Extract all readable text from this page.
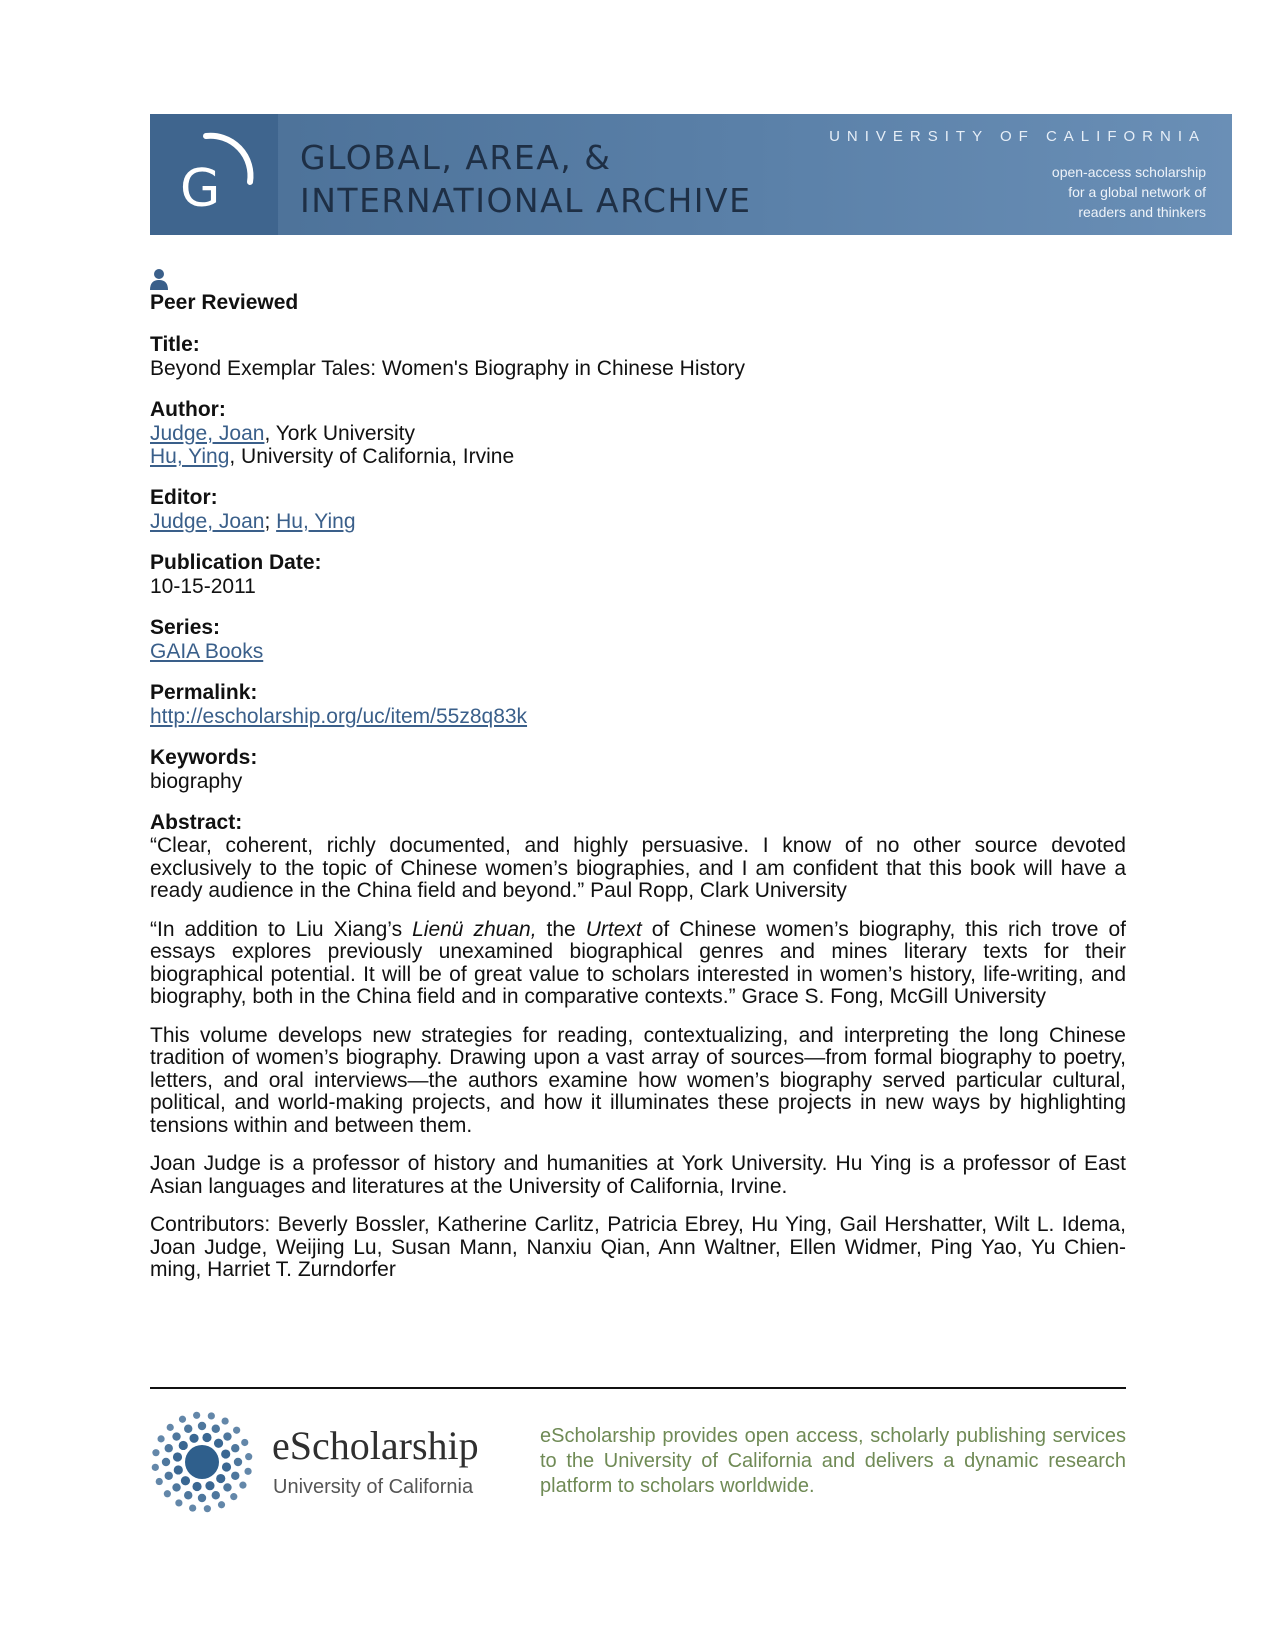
G
GLOBAL, AREA, &
INTERNATIONAL ARCHIVE
UNIVERSITY OF CALIFORNIA
open-access scholarship
for a global network of
readers and thinkers
Peer Reviewed
Title:
Beyond Exemplar Tales: Women's Biography in Chinese History
Author:
Judge, Joan, York University
Hu, Ying, University of California, Irvine
Editor:
Judge, Joan; Hu, Ying
Publication Date:
10-15-2011
Series:
GAIA Books
Permalink:
http://escholarship.org/uc/item/55z8q83k
Keywords:
biography
Abstract:

“Clear, coherent, richly documented, and highly persuasive. I know of no other source devoted exclusively to the topic of Chinese women’s biographies, and I am confident that this book will have a ready audience in the China field and beyond.” Paul Ropp, Clark University

“In addition to Liu Xiang’s Lienü zhuan, the Urtext of Chinese women’s biography, this rich trove of essays explores previously unexamined biographical genres and mines literary texts for their biographical potential. It will be of great value to scholars interested in women’s history, life-writing, and biography, both in the China field and in comparative contexts.” Grace S. Fong, McGill University

This volume develops new strategies for reading, contextualizing, and interpreting the long Chinese tradition of women’s biography. Drawing upon a vast array of sources—from formal biography to poetry, letters, and oral interviews—the authors examine how women’s biography served particular cultural, political, and world-making projects, and how it illuminates these projects in new ways by highlighting tensions within and between them.

Joan Judge is a professor of history and humanities at York University. Hu Ying is a professor of East Asian languages and literatures at the University of California, Irvine.

Contributors: Beverly Bossler, Katherine Carlitz, Patricia Ebrey, Hu Ying, Gail Hershatter, Wilt L. Idema, Joan Judge, Weijing Lu, Susan Mann, Nanxiu Qian, Ann Waltner, Ellen Widmer, Ping Yao, Yu Chien-ming, Harriet T. Zurndorfer

eScholarship
University of California
eScholarship provides open access, scholarly publishing services to the University of California and delivers a dynamic research platform to scholars worldwide.
